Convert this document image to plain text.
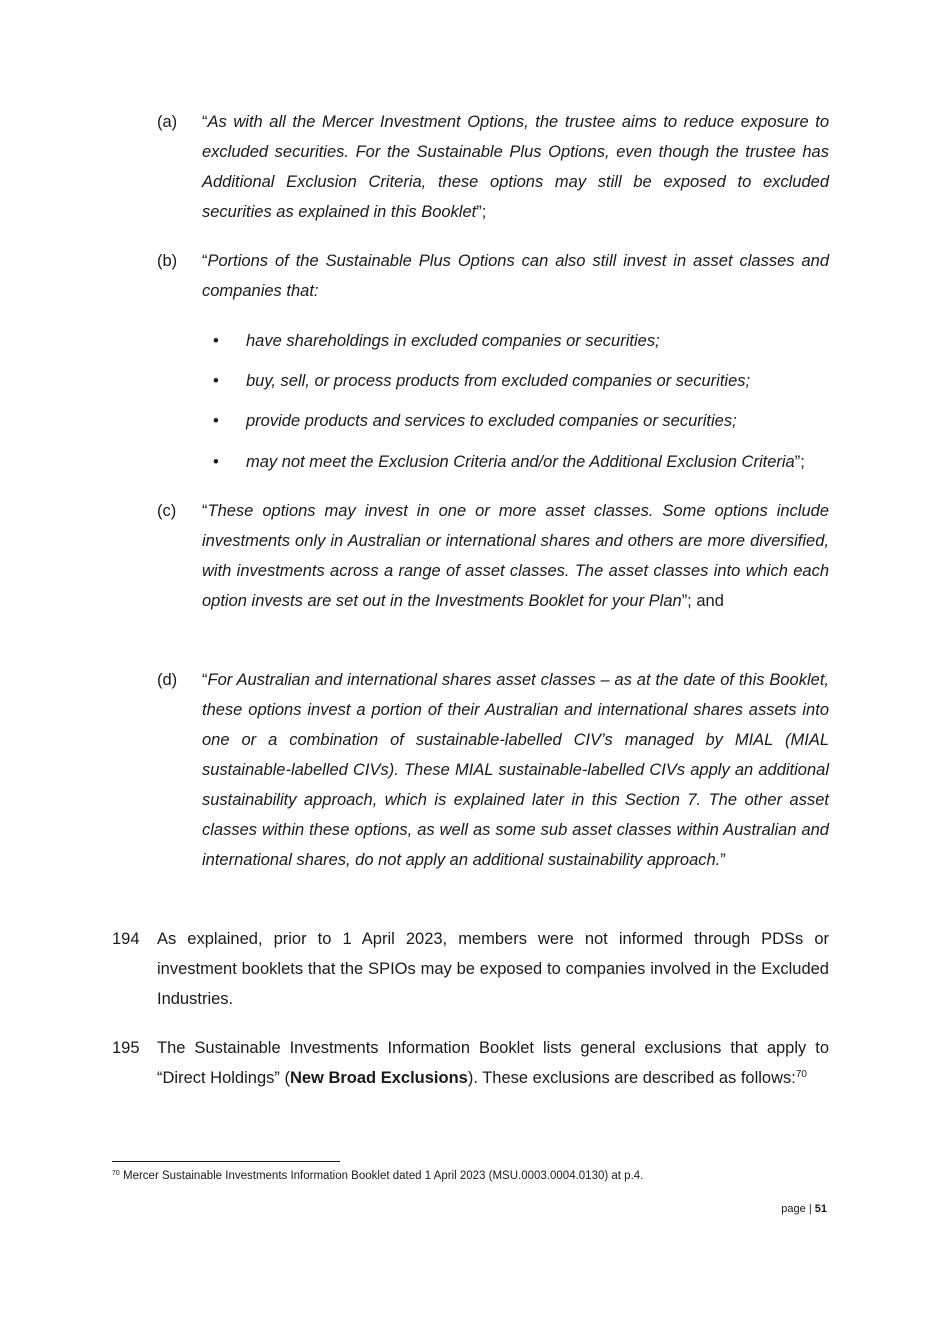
(a) “As with all the Mercer Investment Options, the trustee aims to reduce exposure to excluded securities. For the Sustainable Plus Options, even though the trustee has Additional Exclusion Criteria, these options may still be exposed to excluded securities as explained in this Booklet”;
(b) “Portions of the Sustainable Plus Options can also still invest in asset classes and companies that:
• have shareholdings in excluded companies or securities;
• buy, sell, or process products from excluded companies or securities;
• provide products and services to excluded companies or securities;
• may not meet the Exclusion Criteria and/or the Additional Exclusion Criteria”;
(c) “These options may invest in one or more asset classes. Some options include investments only in Australian or international shares and others are more diversified, with investments across a range of asset classes. The asset classes into which each option invests are set out in the Investments Booklet for your Plan”; and
(d) “For Australian and international shares asset classes – as at the date of this Booklet, these options invest a portion of their Australian and international shares assets into one or a combination of sustainable-labelled CIV’s managed by MIAL (MIAL sustainable-labelled CIVs). These MIAL sustainable-labelled CIVs apply an additional sustainability approach, which is explained later in this Section 7. The other asset classes within these options, as well as some sub asset classes within Australian and international shares, do not apply an additional sustainability approach.”
194 As explained, prior to 1 April 2023, members were not informed through PDSs or investment booklets that the SPIOs may be exposed to companies involved in the Excluded Industries.
195 The Sustainable Investments Information Booklet lists general exclusions that apply to “Direct Holdings” (New Broad Exclusions). These exclusions are described as follows:$^{70}$
$^{70}$ Mercer Sustainable Investments Information Booklet dated 1 April 2023 (MSU.0003.0004.0130) at p.4.
page | 51
